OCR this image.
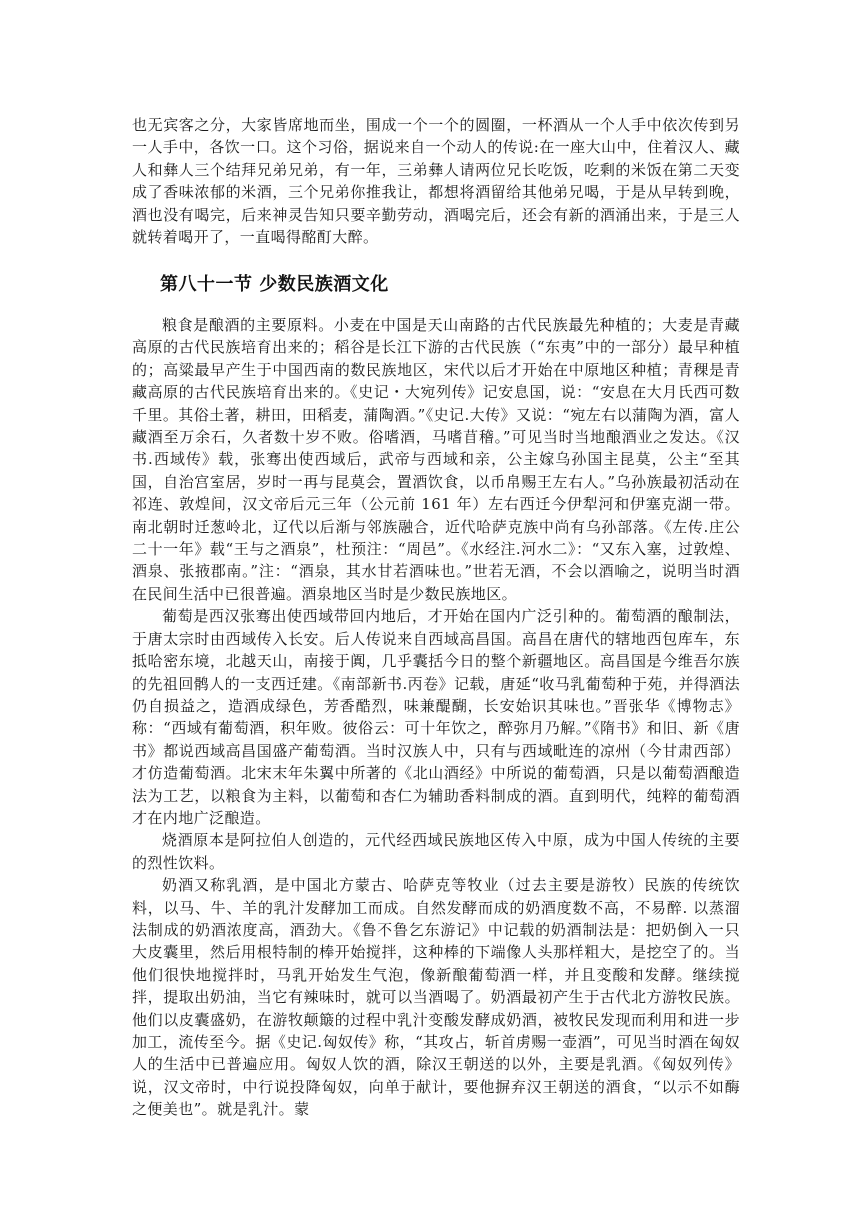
也无宾客之分，大家皆席地而坐，围成一个一个的圆圈，一杯酒从一个人手中依次传到另一人手中，各饮一口。这个习俗，据说来自一个动人的传说:在一座大山中，住着汉人、藏人和彝人三个结拜兄弟兄弟，有一年，三弟彝人请两位兄长吃饭，吃剩的米饭在第二天变成了香味浓郁的米酒，三个兄弟你推我让，都想将酒留给其他弟兄喝，于是从早转到晚，酒也没有喝完，后来神灵告知只要辛勤劳动，酒喝完后，还会有新的酒涌出来，于是三人就转着喝开了，一直喝得酩酊大醉。

第八十一节 少数民族酒文化

粮食是酿酒的主要原料。小麦在中国是天山南路的古代民族最先种植的；大麦是青藏高原的古代民族培育出来的；稻谷是长江下游的古代民族（“东夷”中的一部分）最早种植的；高粱最早产生于中国西南的数民族地区，宋代以后才开始在中原地区种植；青稞是青藏高原的古代民族培育出来的。《史记・大宛列传》记安息国，说：“安息在大月氏西可数千里。其俗土著，耕田，田稻麦，蒲陶酒。”《史记.大传》又说：“宛左右以蒲陶为酒，富人藏酒至万余石，久者数十岁不败。俗嗜酒，马嗜苜稽。”可见当时当地酿酒业之发达。《汉书.西域传》载，张骞出使西域后，武帝与西域和亲，公主嫁乌孙国主昆莫，公主“至其国，自治宫室居，岁时一再与昆莫会，置酒饮食，以币帛赐王左右人。”乌孙族最初活动在祁连、敦煌间，汉文帝后元三年（公元前 161 年）左右西迁今伊犁河和伊塞克湖一带。南北朝时迁葱岭北，辽代以后渐与邻族融合，近代哈萨克族中尚有乌孙部落。《左传.庄公二十一年》载“王与之酒泉”，杜预注：“周邑”。《水经注.河水二》：“又东入塞，过敦煌、酒泉、张掖郡南。”注：“酒泉，其水甘若酒味也。”世若无酒，不会以酒喻之，说明当时酒在民间生活中已很普遍。酒泉地区当时是少数民族地区。

葡萄是西汉张骞出使西域带回内地后，才开始在国内广泛引种的。葡萄酒的酿制法，于唐太宗时由西域传入长安。后人传说来自西域高昌国。高昌在唐代的辖地西包库车，东抵哈密东境，北越天山，南接于阗，几乎囊括今日的整个新疆地区。高昌国是今维吾尔族的先祖回鹘人的一支西迁建。《南部新书.丙卷》记载，唐延“收马乳葡萄种于苑，并得酒法仍自损益之，造酒成绿色，芳香酷烈，味兼醍醐，长安始识其味也。”晋张华《博物志》称：“西域有葡萄酒，积年败。彼俗云：可十年饮之，醉弥月乃解。”《隋书》和旧、新《唐书》都说西域高昌国盛产葡萄酒。当时汉族人中，只有与西域毗连的凉州（今甘肃西部）才仿造葡萄酒。北宋末年朱翼中所著的《北山酒经》中所说的葡萄酒，只是以葡萄酒酿造法为工艺，以粮食为主料，以葡萄和杏仁为辅助香料制成的酒。直到明代，纯粹的葡萄酒才在内地广泛酿造。

烧酒原本是阿拉伯人创造的，元代经西域民族地区传入中原，成为中国人传统的主要的烈性饮料。

奶酒又称乳酒，是中国北方蒙古、哈萨克等牧业（过去主要是游牧）民族的传统饮料，以马、牛、羊的乳汁发酵加工而成。自然发酵而成的奶酒度数不高，不易醉. 以蒸溜法制成的奶酒浓度高，酒劲大。《鲁不鲁乞东游记》中记载的奶酒制法是：把奶倒入一只大皮囊里，然后用根特制的棒开始搅拌，这种棒的下端像人头那样粗大，是挖空了的。当他们很快地搅拌时，马乳开始发生气泡，像新酿葡萄酒一样，并且变酸和发酵。继续搅拌，提取出奶油，当它有辣味时，就可以当酒喝了。奶酒最初产生于古代北方游牧民族。他们以皮囊盛奶，在游牧颠簸的过程中乳汁变酸发酵成奶酒，被牧民发现而利用和进一步加工，流传至今。据《史记.匈奴传》称，“其攻占，斩首虏赐一壶酒”，可见当时酒在匈奴人的生活中已普遍应用。匈奴人饮的酒，除汉王朝送的以外，主要是乳酒。《匈奴列传》说，汉文帝时，中行说投降匈奴，向单于献计，要他摒弃汉王朝送的酒食，“以示不如酶之便美也”。就是乳汁。蒙
